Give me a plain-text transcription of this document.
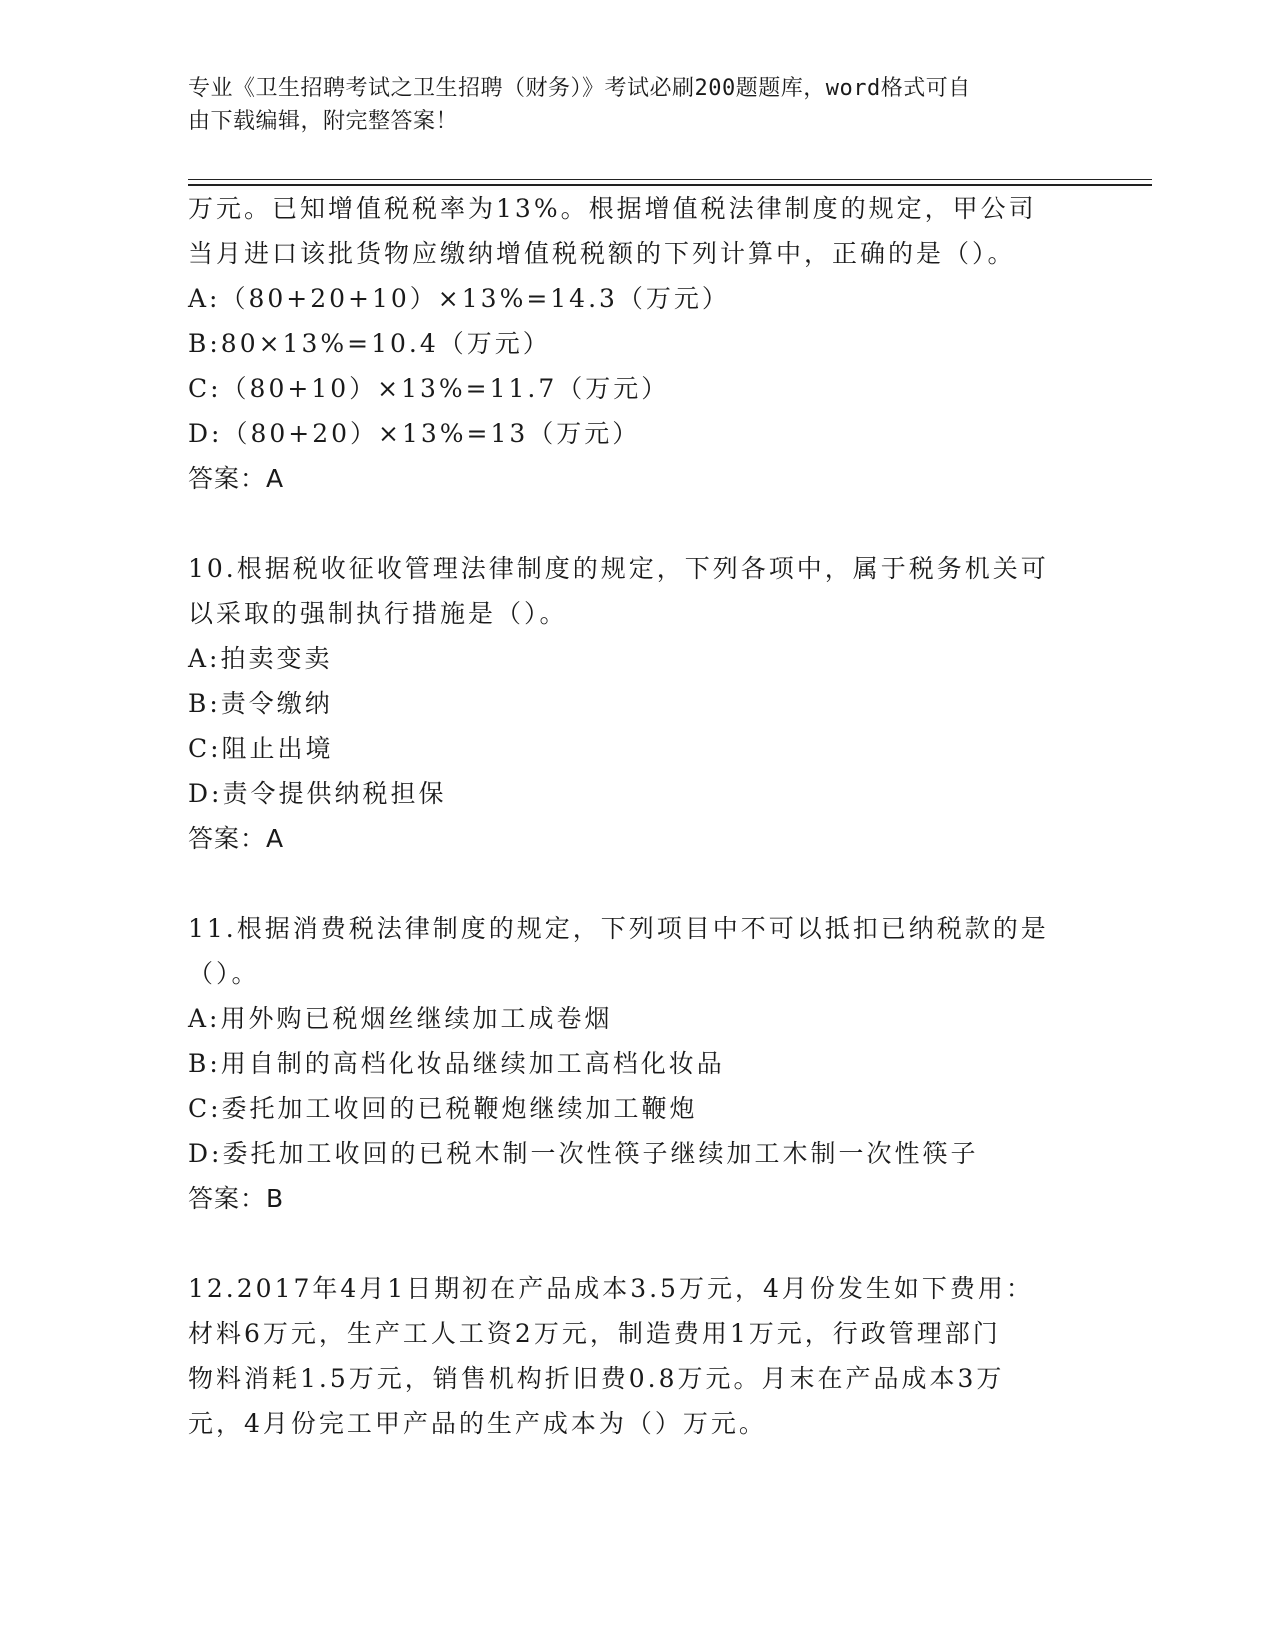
专业《卫生招聘考试之卫生招聘（财务）》考试必刷200题题库，word格式可自
由下载编辑，附完整答案！
万元。已知增值税税率为13%。根据增值税法律制度的规定，甲公司
当月进口该批货物应缴纳增值税税额的下列计算中，正确的是（）。
A:（80+20+10）×13%=14.3（万元）
B:80×13%=10.4（万元）
C:（80+10）×13%=11.7（万元）
D:（80+20）×13%=13（万元）
答案：A
10.根据税收征收管理法律制度的规定，下列各项中，属于税务机关可
以采取的强制执行措施是（）。
A:拍卖变卖
B:责令缴纳
C:阻止出境
D:责令提供纳税担保
答案：A
11.根据消费税法律制度的规定，下列项目中不可以抵扣已纳税款的是
（）。
A:用外购已税烟丝继续加工成卷烟
B:用自制的高档化妆品继续加工高档化妆品
C:委托加工收回的已税鞭炮继续加工鞭炮
D:委托加工收回的已税木制一次性筷子继续加工木制一次性筷子
答案：B
12.2017年4月1日期初在产品成本3.5万元，4月份发生如下费用：
材料6万元，生产工人工资2万元，制造费用1万元，行政管理部门
物料消耗1.5万元，销售机构折旧费0.8万元。月末在产品成本3万
元，4月份完工甲产品的生产成本为（）万元。
